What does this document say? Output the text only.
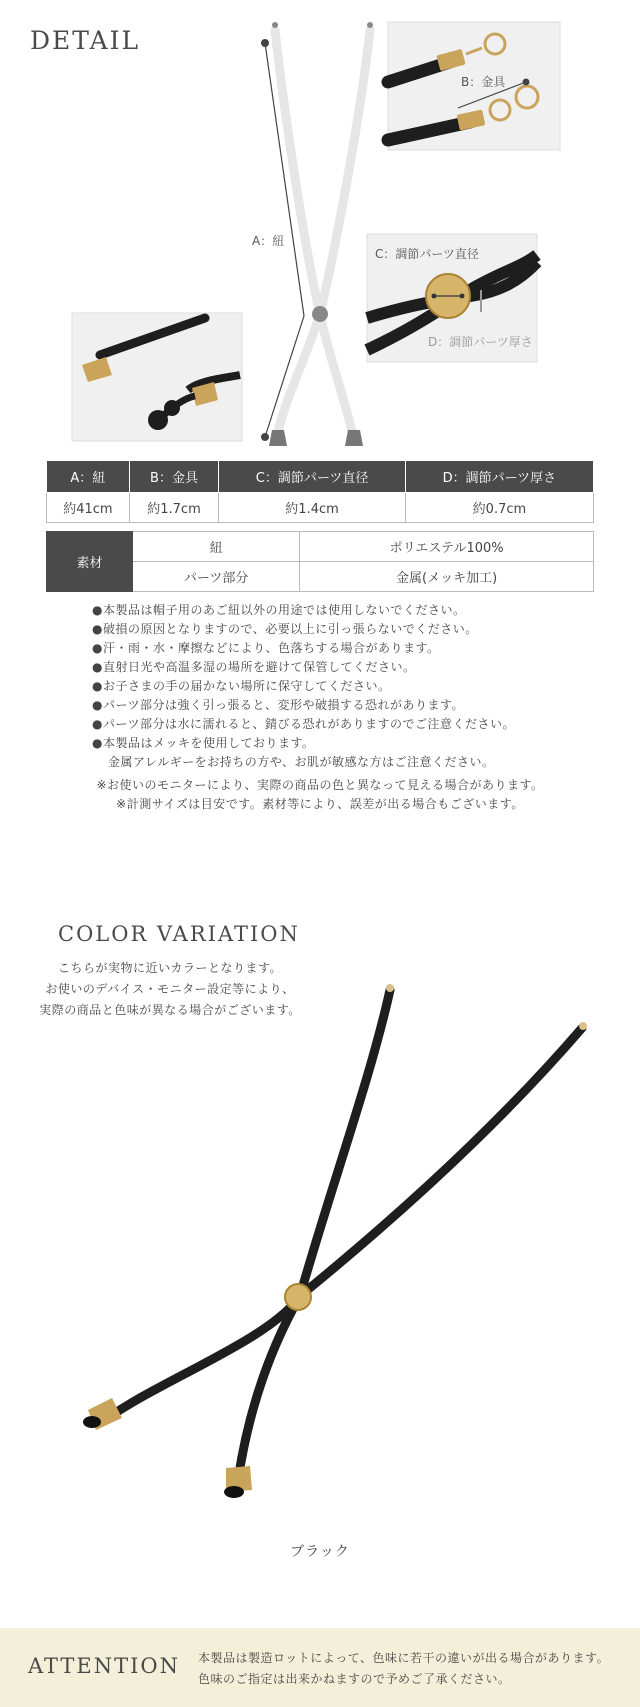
DETAIL
A：紐
B：金具
C：調節パーツ直径
D：調節パーツ厚さ
A：紐	B：金具	C：調節パーツ直径	D：調節パーツ厚さ
約41cm	約1.7cm	約1.4cm	約0.7cm
素材	紐	ポリエステル100%
	パーツ部分	金属(メッキ加工)
●本製品は帽子用のあご紐以外の用途では使用しないでください。
●破損の原因となりますので、必要以上に引っ張らないでください。
●汗・雨・水・摩擦などにより、色落ちする場合があります。
●直射日光や高温多湿の場所を避けて保管してください。
●お子さまの手の届かない場所に保守してください。
●パーツ部分は強く引っ張ると、変形や破損する恐れがあります。
●パーツ部分は水に濡れると、錆びる恐れがありますのでご注意ください。
●本製品はメッキを使用しております。
金属アレルギーをお持ちの方や、お肌が敏感な方はご注意ください。
※お使いのモニターにより、実際の商品の色と異なって見える場合があります。
※計測サイズは目安です。素材等により、誤差が出る場合もございます。
COLOR VARIATION
こちらが実物に近いカラーとなります。
お使いのデバイス・モニター設定等により、
実際の商品と色味が異なる場合がございます。
ブラック
ATTENTION 本製品は製造ロットによって、色味に若干の違いが出る場合があります。
色味のご指定は出来かねますので予めご了承ください。
